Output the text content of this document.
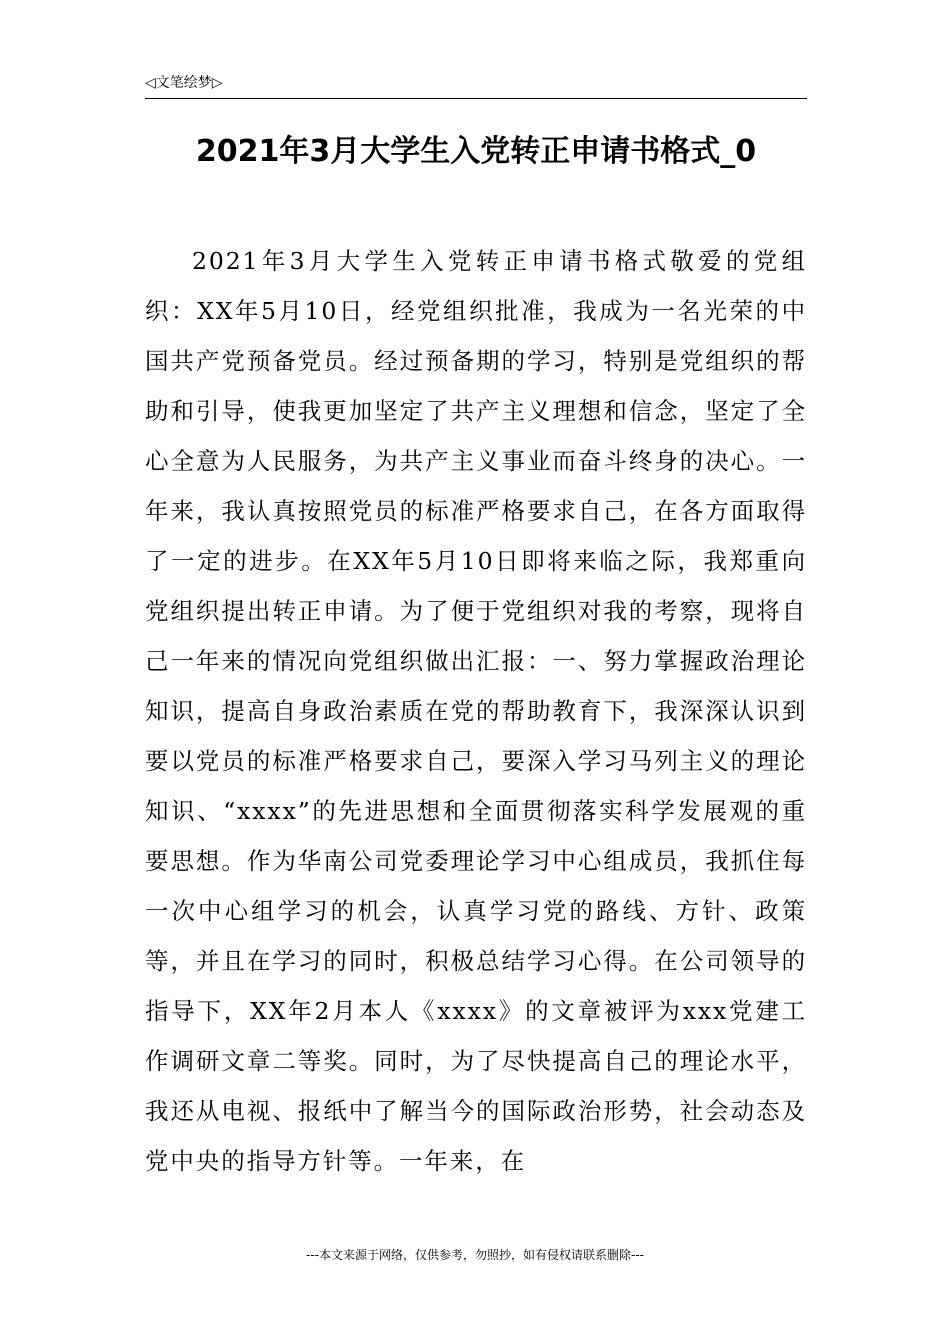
◁文笔绘梦▷
2021年3月大学生入党转正申请书格式_0

2021年3月大学生入党转正申请书格式敬爱的党组织：XX年5月10日，经党组织批准，我成为一名光荣的中国共产党预备党员。经过预备期的学习，特别是党组织的帮助和引导，使我更加坚定了共产主义理想和信念，坚定了全心全意为人民服务，为共产主义事业而奋斗终身的决心。一年来，我认真按照党员的标准严格要求自己，在各方面取得了一定的进步。在XX年5月10日即将来临之际，我郑重向党组织提出转正申请。为了便于党组织对我的考察，现将自己一年来的情况向党组织做出汇报：一、努力掌握政治理论知识，提高自身政治素质在党的帮助教育下，我深深认识到要以党员的标准严格要求自己，要深入学习马列主义的理论知识、“xxxx”的先进思想和全面贯彻落实科学发展观的重要思想。作为华南公司党委理论学习中心组成员，我抓住每一次中心组学习的机会，认真学习党的路线、方针、政策等，并且在学习的同时，积极总结学习心得。在公司领导的指导下，XX年2月本人《xxxx》的文章被评为xxx党建工作调研文章二等奖。同时，为了尽快提高自己的理论水平，我还从电视、报纸中了解当今的国际政治形势，社会动态及党中央的指导方针等。一年来，在

---本文来源于网络，仅供参考，勿照抄，如有侵权请联系删除---
